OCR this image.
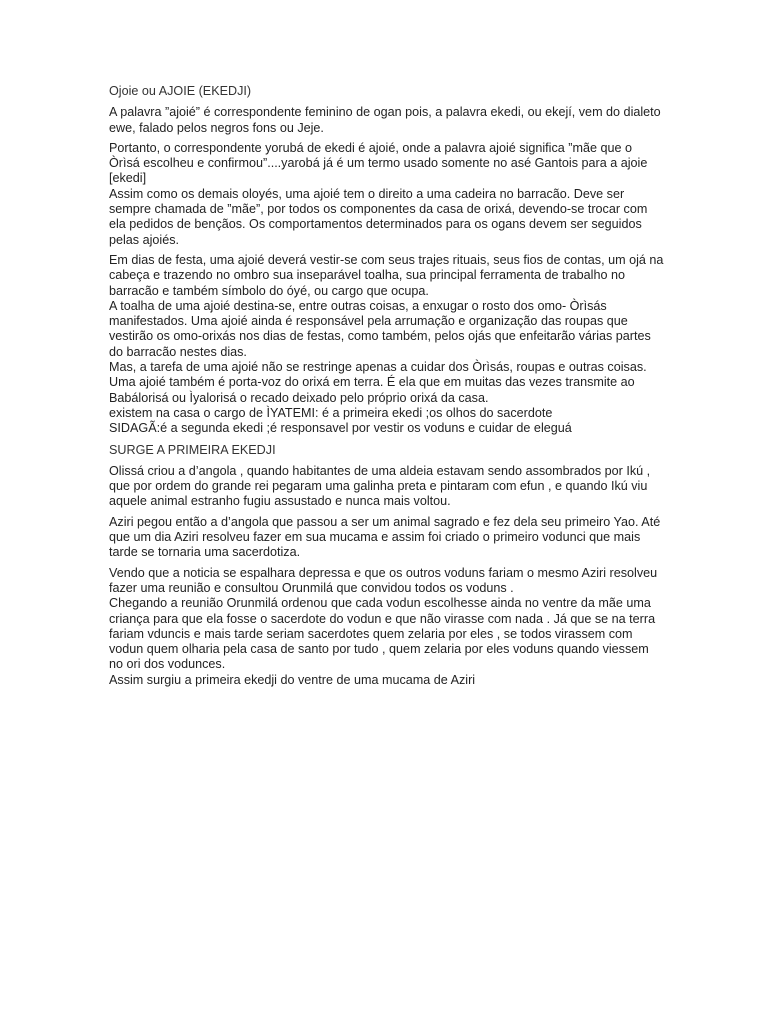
Ojoie ou AJOIE (EKEDJI)

A palavra ”ajoié” é correspondente feminino de ogan pois, a palavra ekedi, ou ekejí, vem do dialeto ewe, falado pelos negros fons ou Jeje.

Portanto, o correspondente yorubá de ekedi é ajoié, onde a palavra ajoié significa ”mãe que o Òrìsá escolheu e confirmou”....yarobá já é um termo usado somente no asé Gantois para a ajoie [ekedi]

Assim como os demais oloyés, uma ajoié tem o direito a uma cadeira no barracão. Deve ser sempre chamada de ”mãe”, por todos os componentes da casa de orixá, devendo-se trocar com ela pedidos de bençãos. Os comportamentos determinados para os ogans devem ser seguidos pelas ajoiés.

Em dias de festa, uma ajoié deverá vestir-se com seus trajes rituais, seus fios de contas, um ojá na cabeça e trazendo no ombro sua inseparável toalha, sua principal ferramenta de trabalho no barracão e também símbolo do óyé, ou cargo que ocupa.

A toalha de uma ajoié destina-se, entre outras coisas, a enxugar o rosto dos omo- Òrìsás manifestados. Uma ajoié ainda é responsável pela arrumação e organização das roupas que vestirão os omo-orixás nos dias de festas, como também, pelos ojás que enfeitarão várias partes do barracão nestes dias.

Mas, a tarefa de uma ajoié não se restringe apenas a cuidar dos Òrìsás, roupas e outras coisas. Uma ajoié também é porta-voz do orixá em terra. É ela que em muitas das vezes transmite ao Babálorisá ou Ìyalorisá o recado deixado pelo próprio orixá da casa.

existem na casa o cargo de ÌYATEMI: é a primeira ekedi ;os olhos do sacerdote

SIDAGÃ:é a segunda ekedi ;é responsavel por vestir os voduns e cuidar de eleguá

SURGE A PRIMEIRA EKEDJI

Olissá criou a d’angola , quando habitantes de uma aldeia estavam sendo assombrados por Ikú , que por ordem do grande rei pegaram uma galinha preta e pintaram com efun , e quando Ikú viu aquele animal estranho fugiu assustado e nunca mais voltou.

Aziri pegou então a d’angola que passou a ser um animal sagrado e fez dela seu primeiro Yao. Até que um dia Aziri resolveu fazer em sua mucama e assim foi criado o primeiro vodunci que mais tarde se tornaria uma sacerdotiza.

Vendo que a noticia se espalhara depressa e que os outros voduns fariam o mesmo Aziri resolveu fazer uma reunião e consultou Orunmilá que convidou todos os voduns .

Chegando a reunião Orunmilá ordenou que cada vodun escolhesse ainda no ventre da mãe uma criança para que ela fosse o sacerdote do vodun e que não virasse com nada . Já que se na terra fariam vduncis e mais tarde seriam sacerdotes quem zelaria por eles , se todos virassem com vodun quem olharia pela casa de santo por tudo , quem zelaria por eles voduns quando viessem no ori dos vodunces.

Assim surgiu a primeira ekedji do ventre de uma mucama de Aziri
